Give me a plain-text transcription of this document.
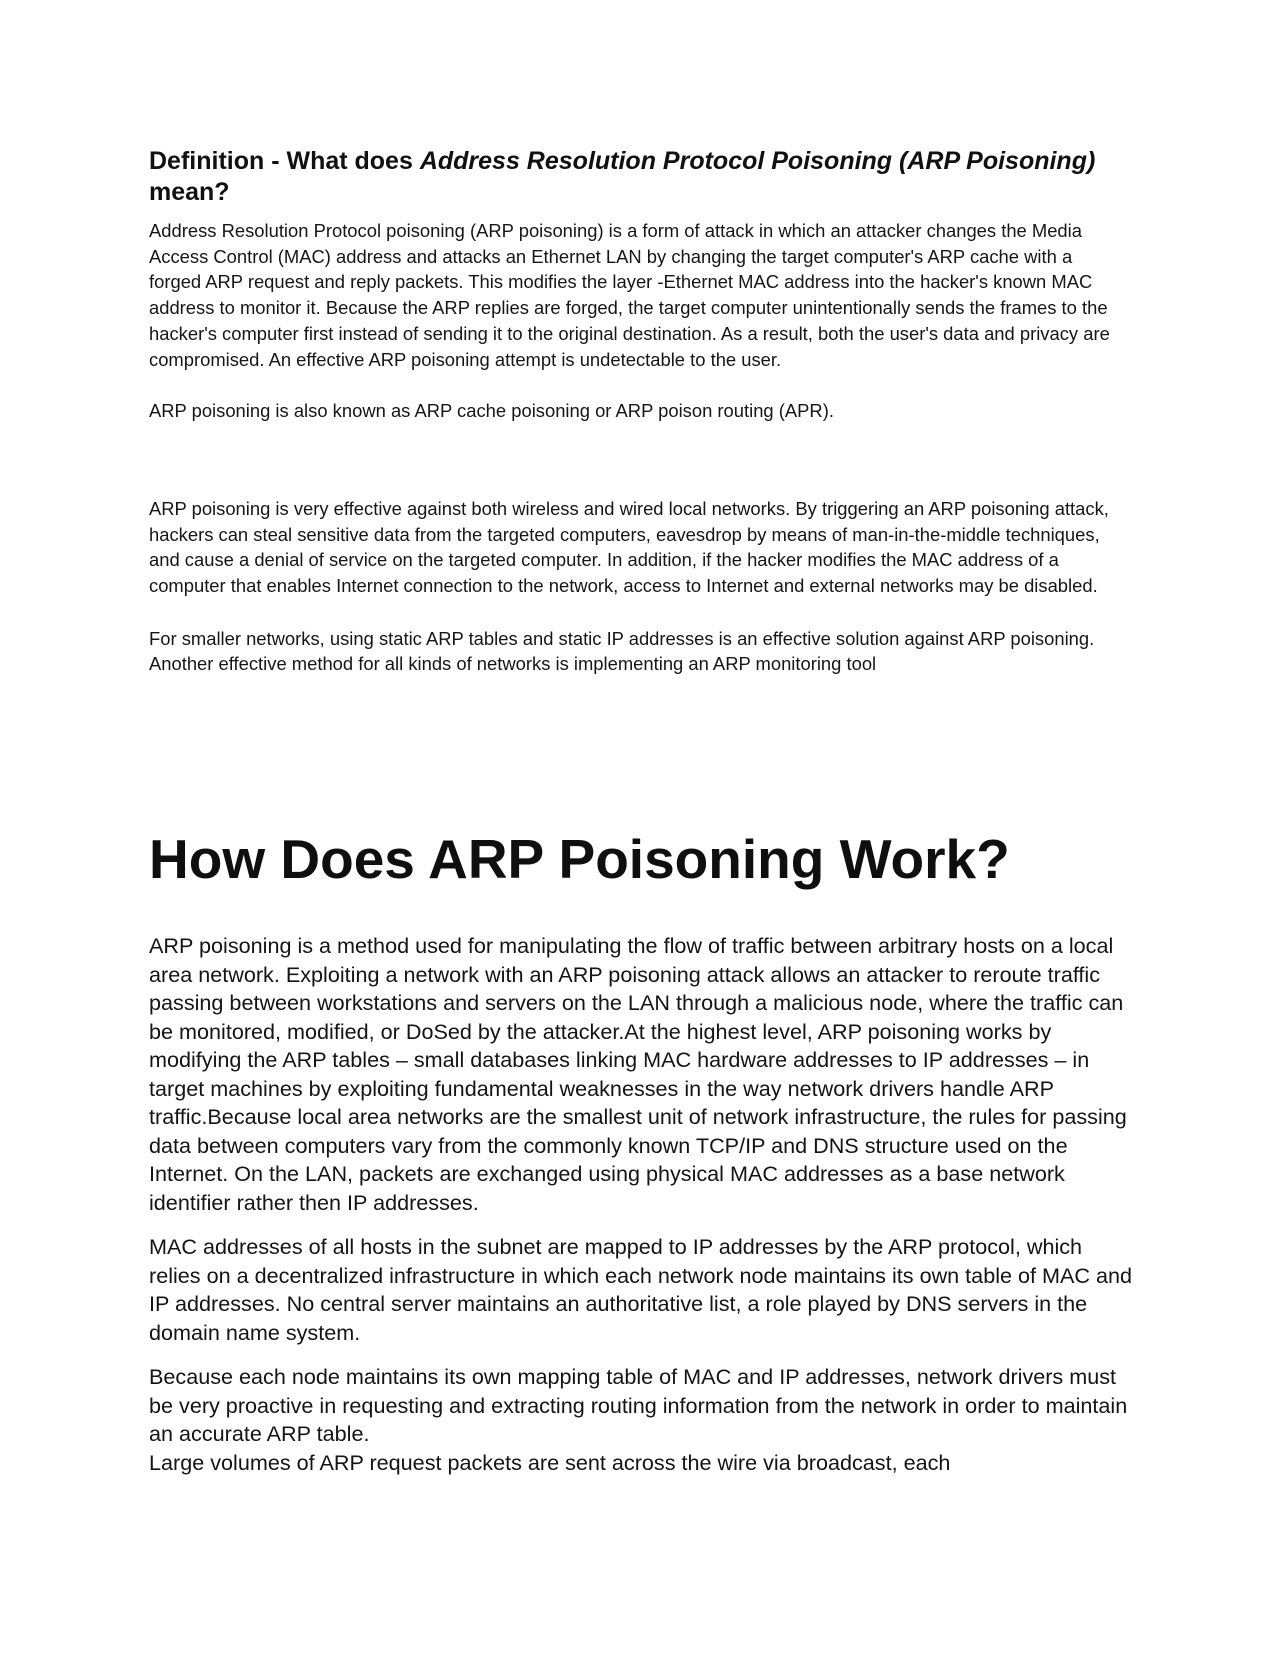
Definition - What does Address Resolution Protocol Poisoning (ARP Poisoning) mean?

Address Resolution Protocol poisoning (ARP poisoning) is a form of attack in which an attacker changes the Media Access Control (MAC) address and attacks an Ethernet LAN by changing the target computer's ARP cache with a forged ARP request and reply packets. This modifies the layer -Ethernet MAC address into the hacker's known MAC address to monitor it. Because the ARP replies are forged, the target computer unintentionally sends the frames to the hacker's computer first instead of sending it to the original destination. As a result, both the user's data and privacy are compromised. An effective ARP poisoning attempt is undetectable to the user.

ARP poisoning is also known as ARP cache poisoning or ARP poison routing (APR).

ARP poisoning is very effective against both wireless and wired local networks. By triggering an ARP poisoning attack, hackers can steal sensitive data from the targeted computers, eavesdrop by means of man-in-the-middle techniques, and cause a denial of service on the targeted computer. In addition, if the hacker modifies the MAC address of a computer that enables Internet connection to the network, access to Internet and external networks may be disabled.

For smaller networks, using static ARP tables and static IP addresses is an effective solution against ARP poisoning. Another effective method for all kinds of networks is implementing an ARP monitoring tool

How Does ARP Poisoning Work?

ARP poisoning is a method used for manipulating the flow of traffic between arbitrary hosts on a local area network. Exploiting a network with an ARP poisoning attack allows an attacker to reroute traffic passing between workstations and servers on the LAN through a malicious node, where the traffic can be monitored, modified, or DoSed by the attacker.At the highest level, ARP poisoning works by modifying the ARP tables – small databases linking MAC hardware addresses to IP addresses – in target machines by exploiting fundamental weaknesses in the way network drivers handle ARP traffic.Because local area networks are the smallest unit of network infrastructure, the rules for passing data between computers vary from the commonly known TCP/IP and DNS structure used on the Internet. On the LAN, packets are exchanged using physical MAC addresses as a base network identifier rather then IP addresses.

MAC addresses of all hosts in the subnet are mapped to IP addresses by the ARP protocol, which relies on a decentralized infrastructure in which each network node maintains its own table of MAC and IP addresses. No central server maintains an authoritative list, a role played by DNS servers in the domain name system.

Because each node maintains its own mapping table of MAC and IP addresses, network drivers must be very proactive in requesting and extracting routing information from the network in order to maintain an accurate ARP table.

Large volumes of ARP request packets are sent across the wire via broadcast, each
